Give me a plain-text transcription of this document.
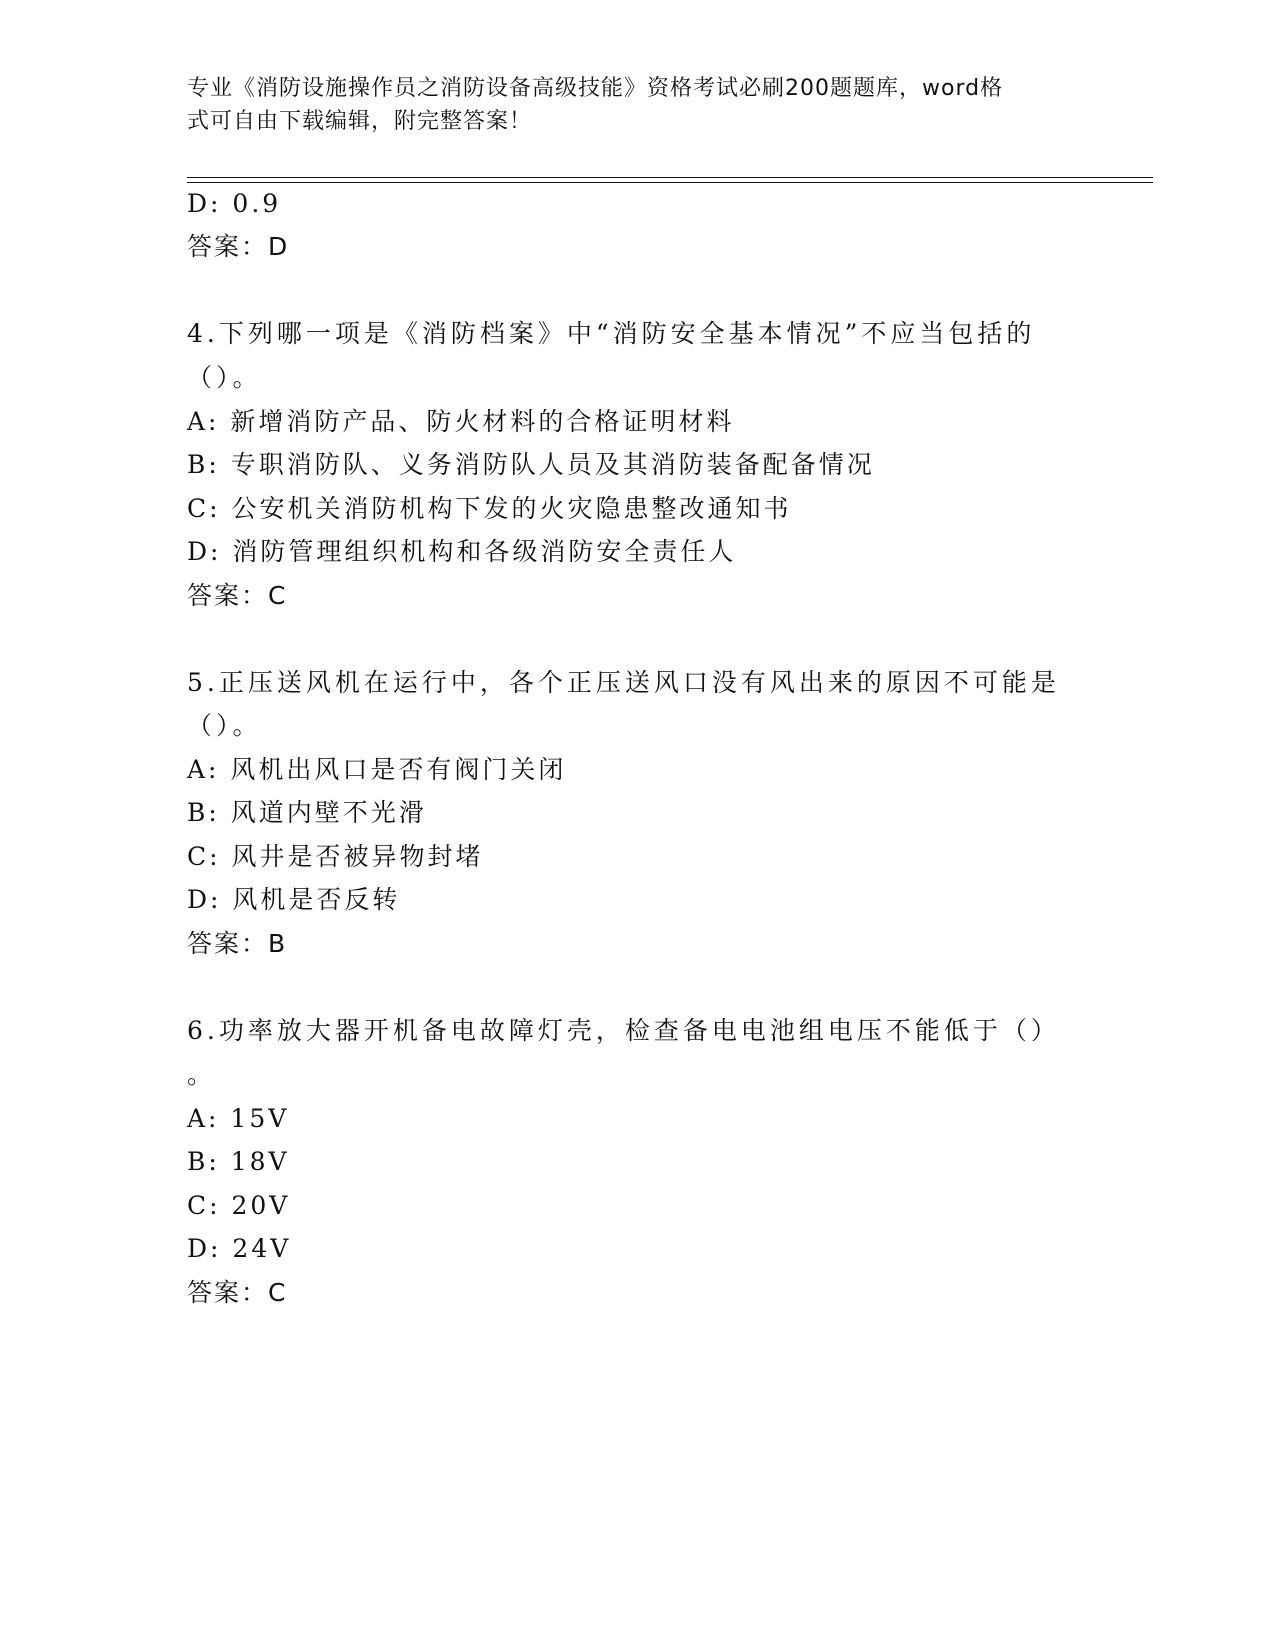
专业《消防设施操作员之消防设备高级技能》资格考试必刷200题题库，word格
式可自由下载编辑，附完整答案！
D: 0.9
答案：D
4.下列哪一项是《消防档案》中“消防安全基本情况”不应当包括的
（）。
A: 新增消防产品、防火材料的合格证明材料
B: 专职消防队、义务消防队人员及其消防装备配备情况
C: 公安机关消防机构下发的火灾隐患整改通知书
D: 消防管理组织机构和各级消防安全责任人
答案：C
5.正压送风机在运行中，各个正压送风口没有风出来的原因不可能是
（）。
A: 风机出风口是否有阀门关闭
B: 风道内壁不光滑
C: 风井是否被异物封堵
D: 风机是否反转
答案：B
6.功率放大器开机备电故障灯壳，检查备电电池组电压不能低于（）
。
A: 15V
B: 18V
C: 20V
D: 24V
答案：C
